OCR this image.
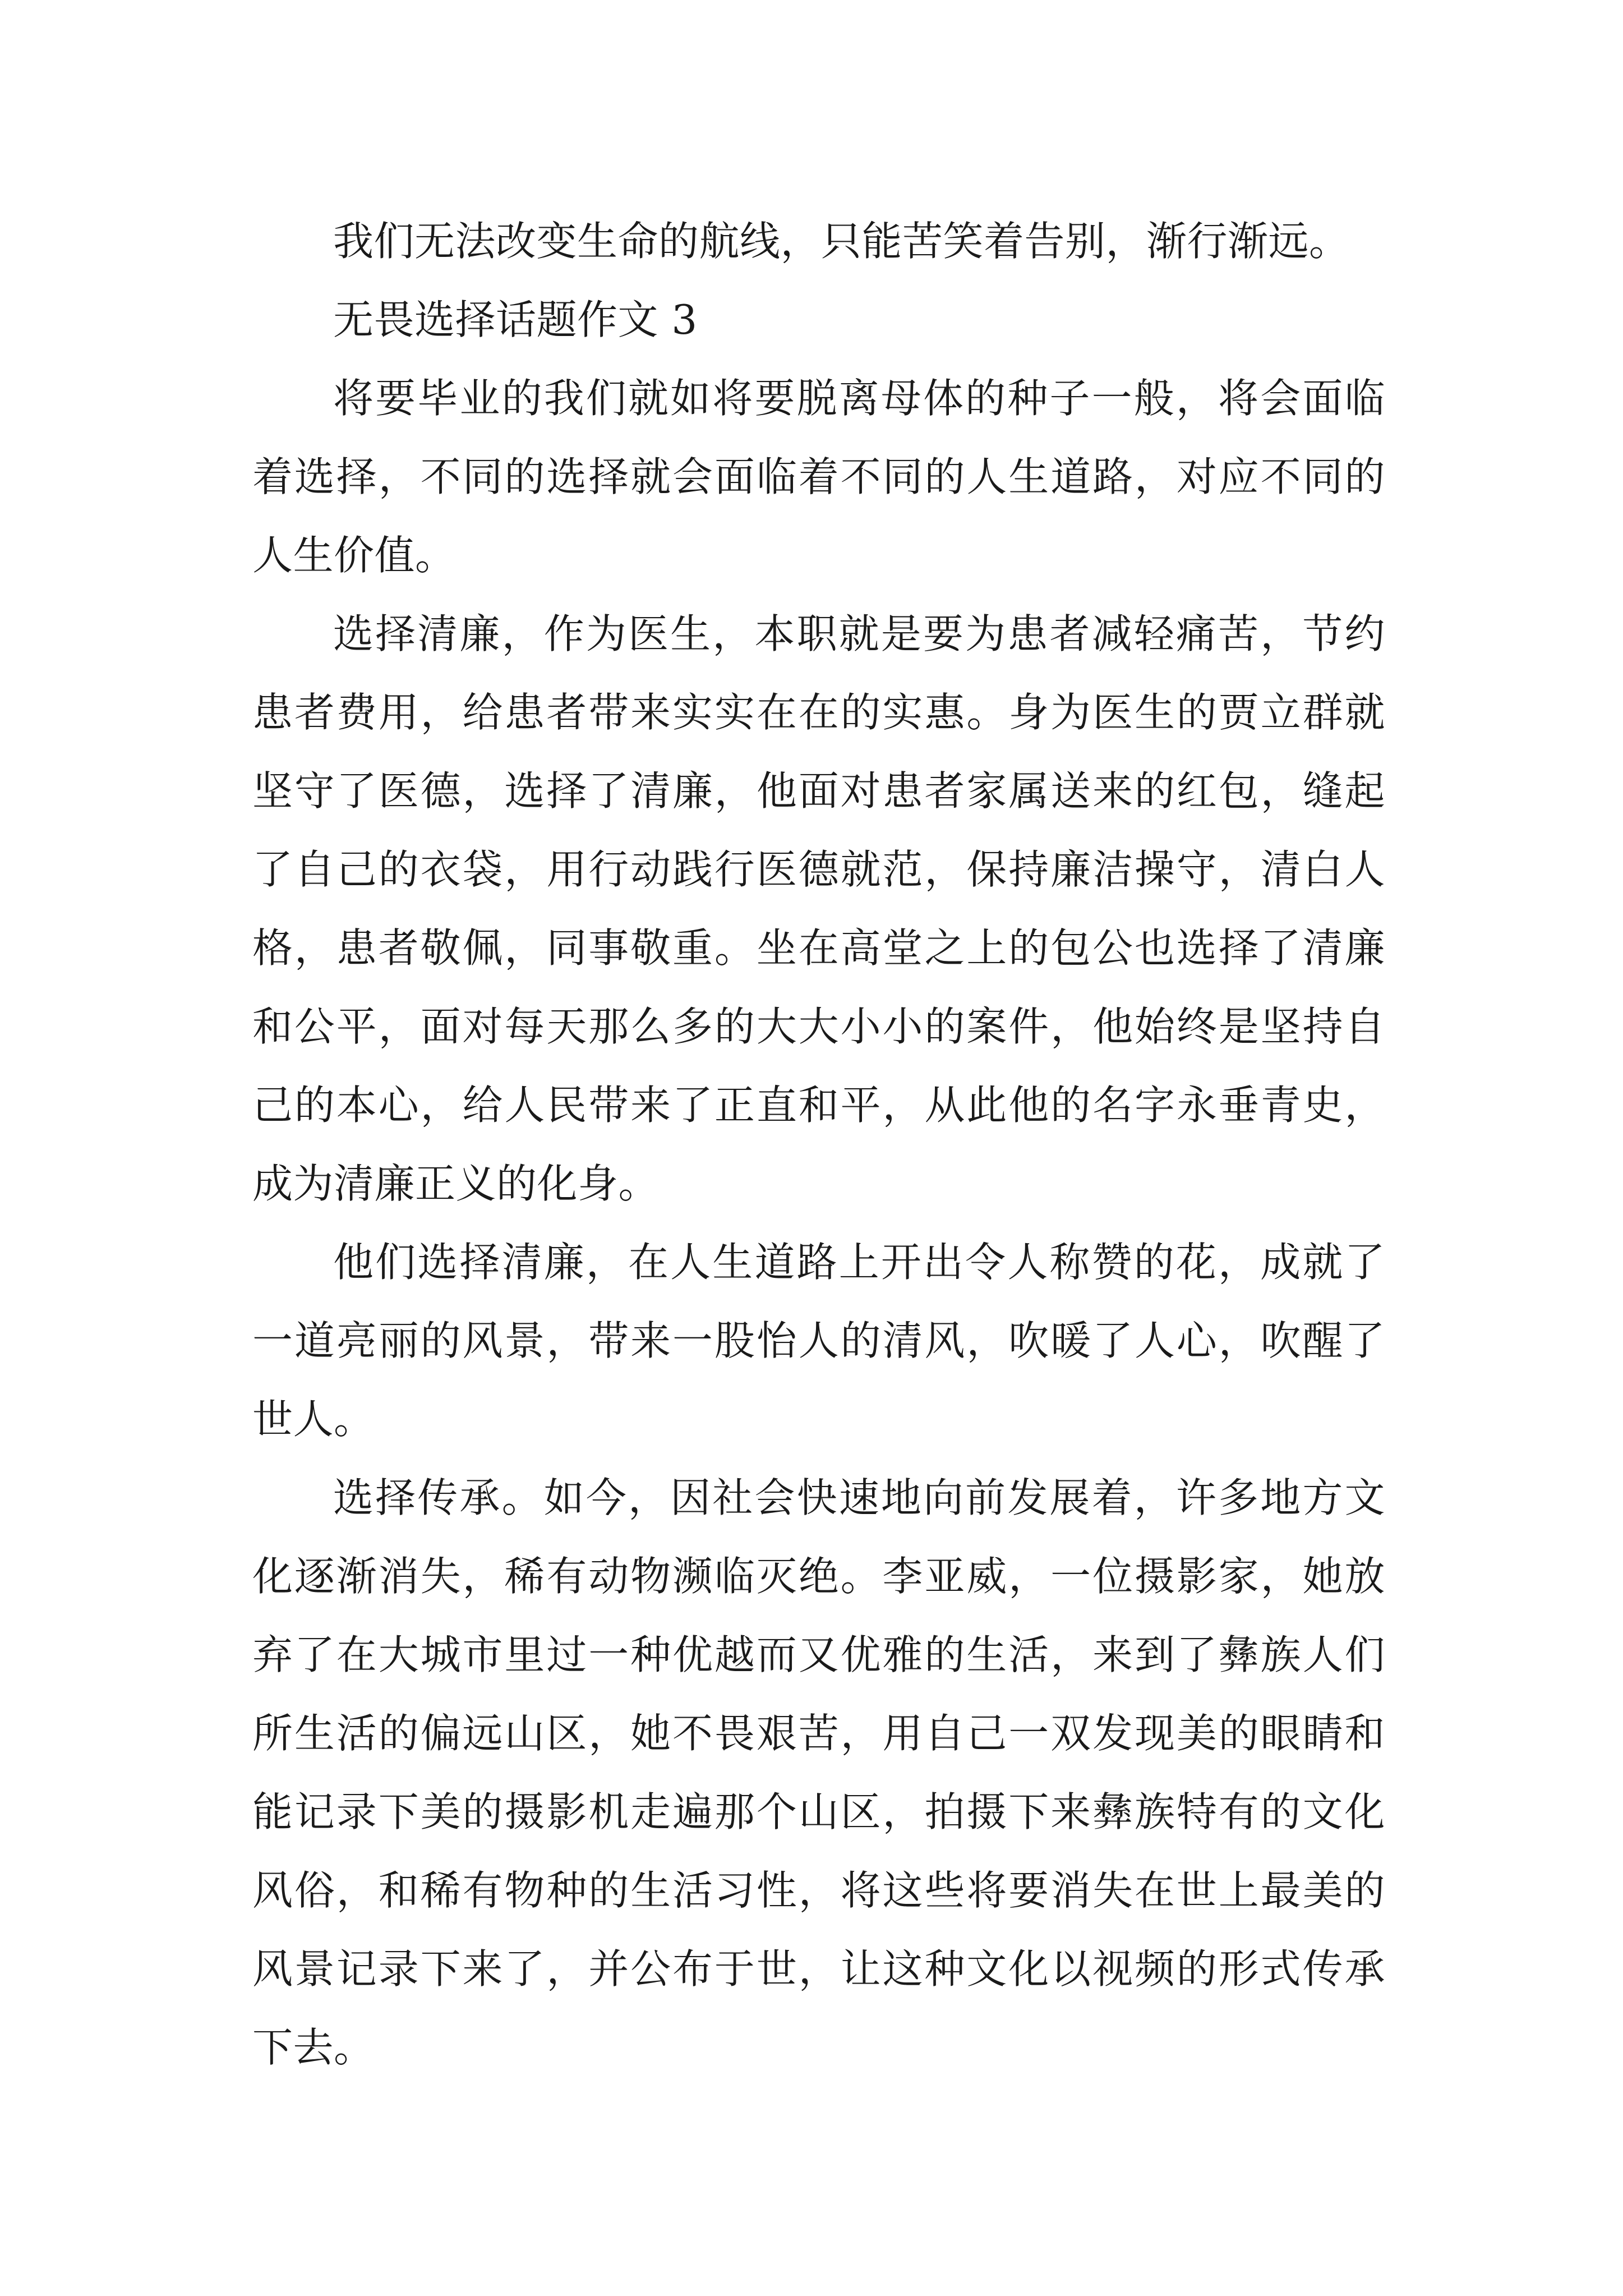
我们无法改变生命的航线，只能苦笑着告别，渐行渐远。

无畏选择话题作文 3

将要毕业的我们就如将要脱离母体的种子一般，将会面临着选择，不同的选择就会面临着不同的人生道路，对应不同的人生价值。

选择清廉，作为医生，本职就是要为患者减轻痛苦，节约患者费用，给患者带来实实在在的实惠。身为医生的贾立群就坚守了医德，选择了清廉，他面对患者家属送来的红包，缝起了自己的衣袋，用行动践行医德就范，保持廉洁操守，清白人格，患者敬佩，同事敬重。坐在高堂之上的包公也选择了清廉和公平，面对每天那么多的大大小小的案件，他始终是坚持自己的本心，给人民带来了正直和平，从此他的名字永垂青史，成为清廉正义的化身。

他们选择清廉，在人生道路上开出令人称赞的花，成就了一道亮丽的风景，带来一股怡人的清风，吹暖了人心，吹醒了世人。

选择传承。如今，因社会快速地向前发展着，许多地方文化逐渐消失，稀有动物濒临灭绝。李亚威，一位摄影家，她放弃了在大城市里过一种优越而又优雅的生活，来到了彝族人们所生活的偏远山区，她不畏艰苦，用自己一双发现美的眼睛和能记录下美的摄影机走遍那个山区，拍摄下来彝族特有的文化风俗，和稀有物种的生活习性，将这些将要消失在世上最美的风景记录下来了，并公布于世，让这种文化以视频的形式传承下去。
